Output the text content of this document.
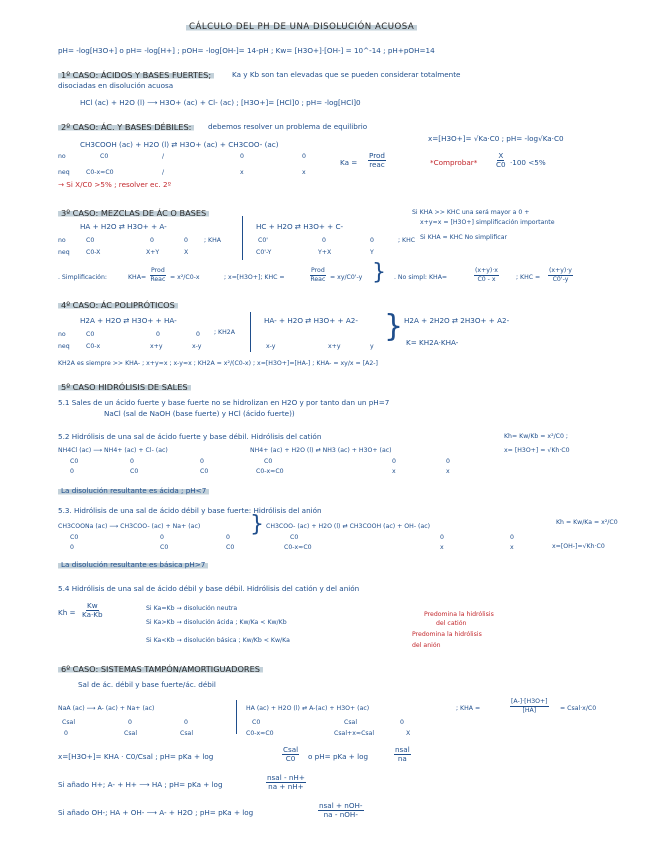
CÁLCULO DEL PH DE UNA DISOLUCIÓN ACUOSA
pH= -log[H3O+] o pH= -log[H+] ; pOH= -log[OH-]= 14-pH ; Kw= [H3O+]·[OH-] = 10^-14 ; pH+pOH=14
1º CASO: ÁCIDOS Y BASES FUERTES;	Ka y Kb son tan elevadas que se pueden considerar totalmente
disociadas en disolución acuosa
HCl (ac) + H2O (l) ⟶ H3O+ (ac) + Cl- (ac) ; [H3O+]= [HCl]0 ; pH= -log[HCl]0
2º CASO: ÁC. Y BASES DÉBILES:	debemos resolver un problema de equilibrio
x=[H3O+]= √Ka·C0 ; pH= -log√Ka·C0
CH3COOH (ac) + H2O (l) ⇄ H3O+ (ac) + CH3COO- (ac)
no	C0	/	0	0
Ka =
Prod
reac	*Comprobar*	$\frac{X}{C0} \cdot 100 <5\%$
neq	C0-x≈C0	/	x	x
→ Si X/C0 >5% ; resolver ec. 2º
3º CASO: MEZCLAS DE ÁC O BASES	Si KHA >> KHC una será mayor a 0 +
x+y≈x = [H3O+] simplificación importante
Si KHA ≈ KHC No simplificar
HA + H2O ⇄ H3O+ + A-
; KHA
HC + H2O ⇄ H3O+ + C-
; KHC
no	C0	0	0
neq	C0-X	X+Y	X
C0'	0	0
C0'-Y	Y+X	Y
. Simplificación:	KHA=
Prod
Reac = x²/C0-x	; x=[H3O+]; KHC =
Prod
Reac = xy/C0'-y } . No simpl: KHA=	$\frac{(x+y)\cdot x}{C0 - x}$	; KHC = $\frac{(x+y)\cdot y}{C0'-y}$
4º CASO: ÁC POLIPRÓTICOS
H2A + H2O ⇄ H3O+ + HA-
; KH2A
HA- + H2O ⇄ H3O+ + A2- } H2A + 2H2O ⇄ 2H3O+ + A2-
K= KH2A·KHA-
no	C0	0	0
neq	C0-x	x+y	x-y	x-y	x+y	y
KH2A es siempre >> KHA- ; x+y≈x ; x-y≈x ; KH2A = x²/(C0-x) ; x=[H3O+]=[HA-] ; KHA- = xy/x = [A2-]
5º CASO HIDRÓLISIS DE SALES
5.1 Sales de un ácido fuerte y base fuerte no se hidrolizan en H2O y por tanto dan un pH=7
NaCl (sal de NaOH (base fuerte) y HCl (ácido fuerte))
5.2 Hidrólisis de una sal de ácido fuerte y base débil. Hidrólisis del catión	Kh= Kw/Kb = x²/C0 ;
x= [H3O+] = √Kh·C0
NH4Cl (ac) ⟶ NH4+ (ac) + Cl- (ac)	NH4+ (ac) + H2O (l) ⇄ NH3 (ac) + H3O+ (ac)
C0	0	0
0	C0	C0
C0	0	0
C0-x≈C0	x	x
La disolución resultante es ácida ; pH<7
5.3. Hidrólisis de una sal de ácido débil y base fuerte: Hidrólisis del anión
CH3COONa (ac) ⟶ CH3COO- (ac) + Na+ (ac) } CH3COO- (ac) + H2O (l) ⇄ CH3COOH (ac) + OH- (ac)
Kh = Kw/Ka = x²/C0
x=[OH-]=√Kh·C0
C0	0	0
0	C0	C0
C0	0	0
C0-x≈C0	x	x
La disolución resultante es básica pH>7
5.4 Hidrólisis de una sal de ácido débil y base débil. Hidrólisis del catión y del anión
$Kh = \frac{Kw}{Ka\cdot Kb}$	Si Ka=Kb → disolución neutra
Si Ka>Kb → disolución ácida ; Kw/Ka < Kw/Kb
Si Ka<Kb → disolución básica ; Kw/Kb < Kw/Ka
Predomina la hidrólisis
del catión
Predomina la hidrólisis
del anión
6º CASO: SISTEMAS TAMPÓN/AMORTIGUADORES
Sal de ác. débil y base fuerte/ác. débil
NaA (ac) ⟶ A- (ac) + Na+ (ac)	HA (ac) + H2O (l) ⇄ A-(ac) + H3O+ (ac)	; KHA =	$\frac{[A-]\cdot[H3O+]}{[HA]}$ = Csal·x/C0
Csal	0	0
0	Csal	Csal
C0	Csal	0
C0-x≈C0	Csal+x≈Csal	X
x=[H3O+]= KHA · C0/Csal ; pH= pKa + log
Csal
C0 o pH= pKa + log
nsal
na
Si añado H+; A- + H+ ⟶ HA ; pH= pKa + log
nsal - nH+
na + nH+
Si añado OH-; HA + OH- ⟶ A- + H2O ; pH= pKa + log
nsal + nOH-
na - nOH-
